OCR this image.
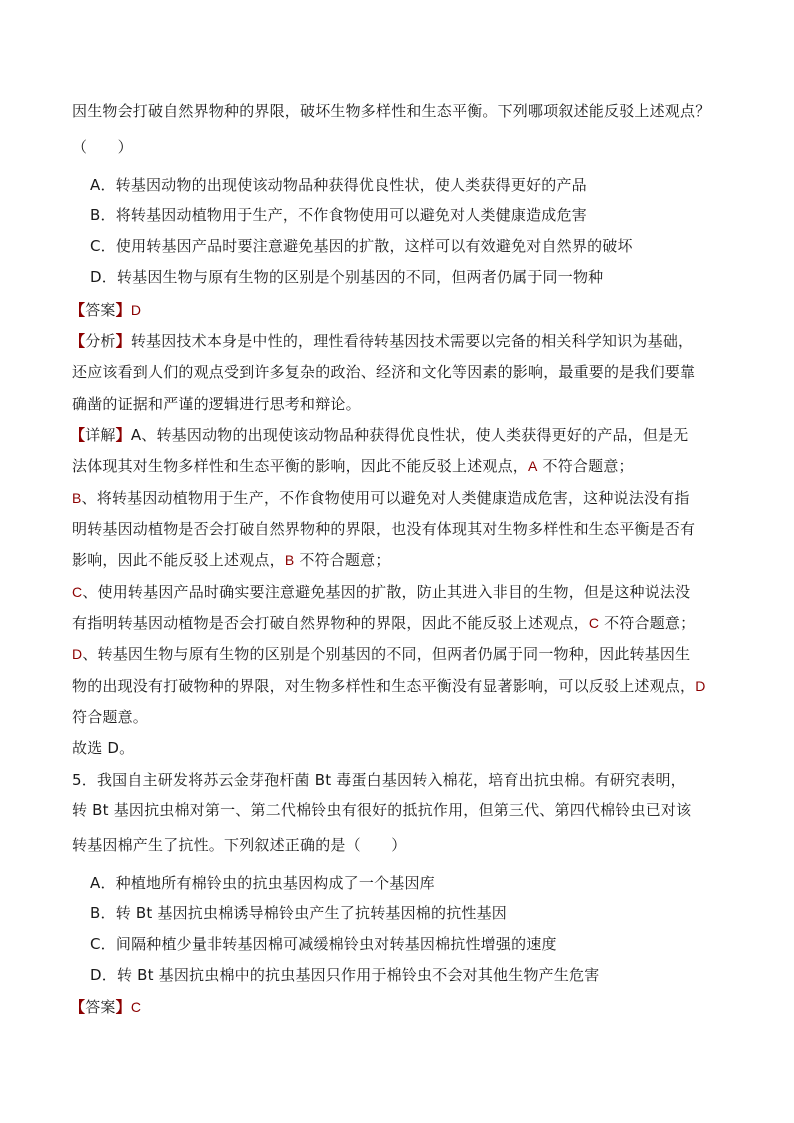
因生物会打破自然界物种的界限，破坏生物多样性和生态平衡。下列哪项叙述能反驳上述观点？
（　　）
A．转基因动物的出现使该动物品种获得优良性状，使人类获得更好的产品
B．将转基因动植物用于生产，不作食物使用可以避免对人类健康造成危害
C．使用转基因产品时要注意避免基因的扩散，这样可以有效避免对自然界的破坏
D．转基因生物与原有生物的区别是个别基因的不同，但两者仍属于同一物种
【答案】D
【分析】转基因技术本身是中性的，理性看待转基因技术需要以完备的相关科学知识为基础，
还应该看到人们的观点受到许多复杂的政治、经济和文化等因素的影响，最重要的是我们要靠
确凿的证据和严谨的逻辑进行思考和辩论。
【详解】A、转基因动物的出现使该动物品种获得优良性状，使人类获得更好的产品，但是无
法体现其对生物多样性和生态平衡的影响，因此不能反驳上述观点，A 不符合题意；
B、将转基因动植物用于生产，不作食物使用可以避免对人类健康造成危害，这种说法没有指
明转基因动植物是否会打破自然界物种的界限，也没有体现其对生物多样性和生态平衡是否有
影响，因此不能反驳上述观点，B 不符合题意；
C、使用转基因产品时确实要注意避免基因的扩散，防止其进入非目的生物，但是这种说法没
有指明转基因动植物是否会打破自然界物种的界限，因此不能反驳上述观点，C 不符合题意；
D、转基因生物与原有生物的区别是个别基因的不同，但两者仍属于同一物种，因此转基因生
物的出现没有打破物种的界限，对生物多样性和生态平衡没有显著影响，可以反驳上述观点，D
符合题意。
故选 D。
5．我国自主研发将苏云金芽孢杆菌 Bt 毒蛋白基因转入棉花，培育出抗虫棉。有研究表明，
转 Bt 基因抗虫棉对第一、第二代棉铃虫有很好的抵抗作用，但第三代、第四代棉铃虫已对该
转基因棉产生了抗性。下列叙述正确的是（　　）
A．种植地所有棉铃虫的抗虫基因构成了一个基因库
B．转 Bt 基因抗虫棉诱导棉铃虫产生了抗转基因棉的抗性基因
C．间隔种植少量非转基因棉可减缓棉铃虫对转基因棉抗性增强的速度
D．转 Bt 基因抗虫棉中的抗虫基因只作用于棉铃虫不会对其他生物产生危害
【答案】C
